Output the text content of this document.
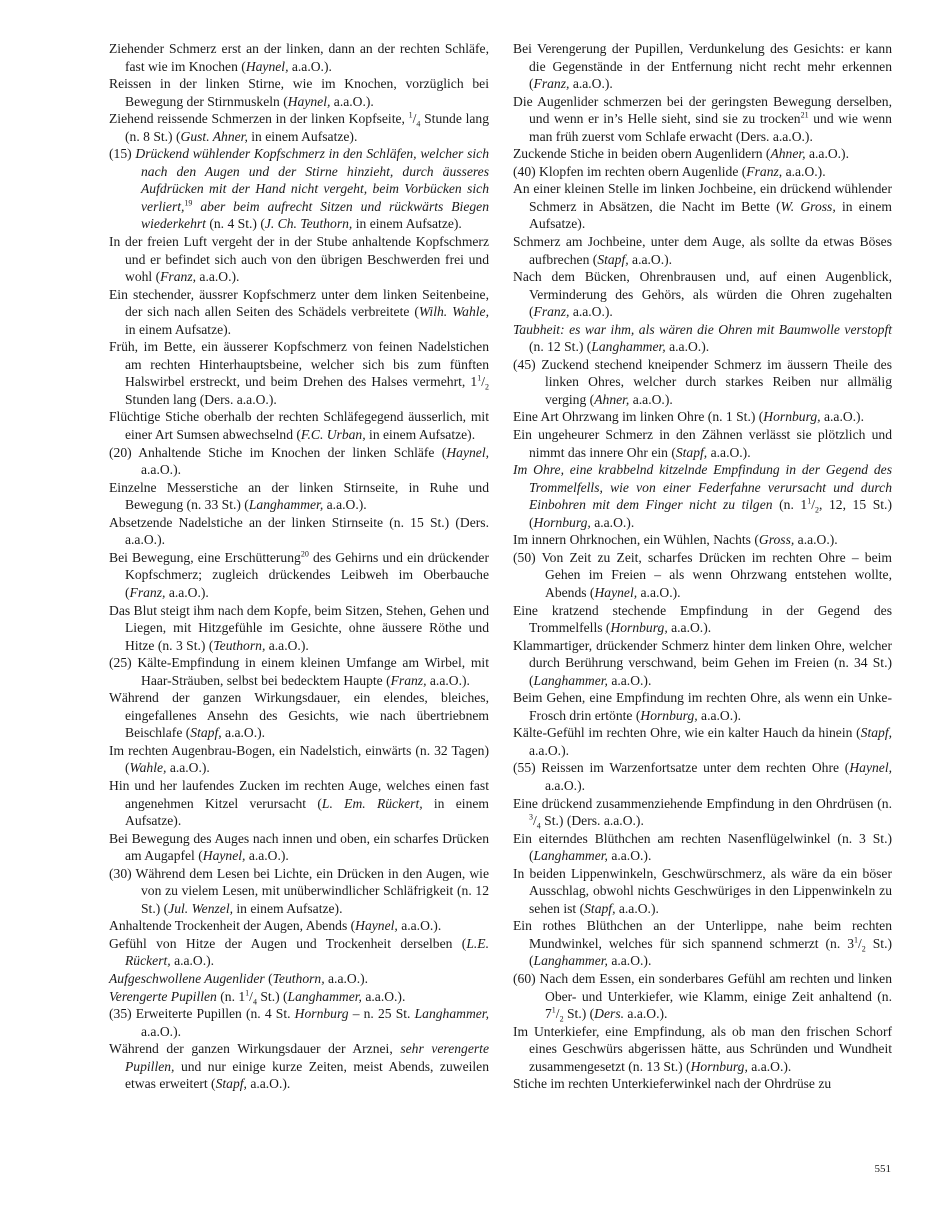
Ziehender Schmerz erst an der linken, dann an der rechten Schläfe, fast wie im Knochen (Haynel, a.a.O.).

Reissen in der linken Stirne, wie im Knochen, vorzüglich bei Bewegung der Stirnmuskeln (Haynel, a.a.O.).

Ziehend reissende Schmerzen in der linken Kopfseite, $^1/_4$ Stunde lang (n. 8 St.) (Gust. Ahner, in einem Aufsatze).

(15) Drückend wühlender Kopfschmerz in den Schläfen, welcher sich nach den Augen und der Stirne hinzieht, durch äusseres Aufdrücken mit der Hand nicht vergeht, beim Vorbücken sich verliert,$^{19}$ aber beim aufrecht Sitzen und rückwärts Biegen wiederkehrt (n. 4 St.) (J. Ch. Teuthorn, in einem Aufsatze).

In der freien Luft vergeht der in der Stube anhaltende Kopfschmerz und er befindet sich auch von den übrigen Beschwerden frei und wohl (Franz, a.a.O.).

Ein stechender, äussrer Kopfschmerz unter dem linken Seitenbeine, der sich nach allen Seiten des Schädels verbreitete (Wilh. Wahle, in einem Aufsatze).

Früh, im Bette, ein äusserer Kopfschmerz von feinen Nadelstichen am rechten Hinterhauptsbeine, welcher sich bis zum fünften Halswirbel erstreckt, und beim Drehen des Halses vermehrt, $1^1/_2$ Stunden lang (Ders. a.a.O.).

Flüchtige Stiche oberhalb der rechten Schläfegegend äusserlich, mit einer Art Sumsen abwechselnd (F.C. Urban, in einem Aufsatze).

(20) Anhaltende Stiche im Knochen der linken Schläfe (Haynel, a.a.O.).

Einzelne Messerstiche an der linken Stirnseite, in Ruhe und Bewegung (n. 33 St.) (Langhammer, a.a.O.).

Absetzende Nadelstiche an der linken Stirnseite (n. 15 St.) (Ders. a.a.O.).

Bei Bewegung, eine Erschütterung$^{20}$ des Gehirns und ein drückender Kopfschmerz; zugleich drückendes Leibweh im Oberbauche (Franz, a.a.O.).

Das Blut steigt ihm nach dem Kopfe, beim Sitzen, Stehen, Gehen und Liegen, mit Hitzgefühle im Gesichte, ohne äussere Röthe und Hitze (n. 3 St.) (Teuthorn, a.a.O.).

(25) Kälte-Empfindung in einem kleinen Umfange am Wirbel, mit Haar-Sträuben, selbst bei bedecktem Haupte (Franz, a.a.O.).

Während der ganzen Wirkungsdauer, ein elendes, bleiches, eingefallenes Ansehn des Gesichts, wie nach übertriebnem Beischlafe (Stapf, a.a.O.).

Im rechten Augenbrau-Bogen, ein Nadelstich, einwärts (n. 32 Tagen) (Wahle, a.a.O.).

Hin und her laufendes Zucken im rechten Auge, welches einen fast angenehmen Kitzel verursacht (L. Em. Rückert, in einem Aufsatze).

Bei Bewegung des Auges nach innen und oben, ein scharfes Drücken am Augapfel (Haynel, a.a.O.).

(30) Während dem Lesen bei Lichte, ein Drücken in den Augen, wie von zu vielem Lesen, mit unüberwindlicher Schläfrigkeit (n. 12 St.) (Jul. Wenzel, in einem Aufsatze).

Anhaltende Trockenheit der Augen, Abends (Haynel, a.a.O.).

Gefühl von Hitze der Augen und Trockenheit derselben (L.E. Rückert, a.a.O.).

Aufgeschwollene Augenlider (Teuthorn, a.a.O.).

Verengerte Pupillen (n. $1^1/_4$ St.) (Langhammer, a.a.O.).

(35) Erweiterte Pupillen (n. 4 St. Hornburg – n. 25 St. Langhammer, a.a.O.).

Während der ganzen Wirkungsdauer der Arznei, sehr verengerte Pupillen, und nur einige kurze Zeiten, meist Abends, zuweilen etwas erweitert (Stapf, a.a.O.).

Bei Verengerung der Pupillen, Verdunkelung des Gesichts: er kann die Gegenstände in der Entfernung nicht recht mehr erkennen (Franz, a.a.O.).

Die Augenlider schmerzen bei der geringsten Bewegung derselben, und wenn er in’s Helle sieht, sind sie zu trocken$^{21}$ und wie wenn man früh zuerst vom Schlafe erwacht (Ders. a.a.O.).

Zuckende Stiche in beiden obern Augenlidern (Ahner, a.a.O.).

(40) Klopfen im rechten obern Augenlide (Franz, a.a.O.).

An einer kleinen Stelle im linken Jochbeine, ein drückend wühlender Schmerz in Absätzen, die Nacht im Bette (W. Gross, in einem Aufsatze).

Schmerz am Jochbeine, unter dem Auge, als sollte da etwas Böses aufbrechen (Stapf, a.a.O.).

Nach dem Bücken, Ohrenbrausen und, auf einen Augenblick, Verminderung des Gehörs, als würden die Ohren zugehalten (Franz, a.a.O.).

Taubheit: es war ihm, als wären die Ohren mit Baumwolle verstopft (n. 12 St.) (Langhammer, a.a.O.).

(45) Zuckend stechend kneipender Schmerz im äussern Theile des linken Ohres, welcher durch starkes Reiben nur allmälig verging (Ahner, a.a.O.).

Eine Art Ohrzwang im linken Ohre (n. 1 St.) (Hornburg, a.a.O.).

Ein ungeheurer Schmerz in den Zähnen verlässt sie plötzlich und nimmt das innere Ohr ein (Stapf, a.a.O.).

Im Ohre, eine krabbelnd kitzelnde Empfindung in der Gegend des Trommelfells, wie von einer Federfahne verursacht und durch Einbohren mit dem Finger nicht zu tilgen (n. $1^1/_2$, 12, 15 St.) (Hornburg, a.a.O.).

Im innern Ohrknochen, ein Wühlen, Nachts (Gross, a.a.O.).

(50) Von Zeit zu Zeit, scharfes Drücken im rechten Ohre – beim Gehen im Freien – als wenn Ohrzwang entstehen wollte, Abends (Haynel, a.a.O.).

Eine kratzend stechende Empfindung in der Gegend des Trommelfells (Hornburg, a.a.O.).

Klammartiger, drückender Schmerz hinter dem linken Ohre, welcher durch Berührung verschwand, beim Gehen im Freien (n. 34 St.) (Langhammer, a.a.O.).

Beim Gehen, eine Empfindung im rechten Ohre, als wenn ein Unke-Frosch drin ertönte (Hornburg, a.a.O.).

Kälte-Gefühl im rechten Ohre, wie ein kalter Hauch da hinein (Stapf, a.a.O.).

(55) Reissen im Warzenfortsatze unter dem rechten Ohre (Haynel, a.a.O.).

Eine drückend zusammenziehende Empfindung in den Ohrdrüsen (n. $^3/_4$ St.) (Ders. a.a.O.).

Ein eiterndes Blüthchen am rechten Nasenflügelwinkel (n. 3 St.) (Langhammer, a.a.O.).

In beiden Lippenwinkeln, Geschwürschmerz, als wäre da ein böser Ausschlag, obwohl nichts Geschwüriges in den Lippenwinkeln zu sehen ist (Stapf, a.a.O.).

Ein rothes Blüthchen an der Unterlippe, nahe beim rechten Mundwinkel, welches für sich spannend schmerzt (n. $3^1/_2$ St.) (Langhammer, a.a.O.).

(60) Nach dem Essen, ein sonderbares Gefühl am rechten und linken Ober- und Unterkiefer, wie Klamm, einige Zeit anhaltend (n. $7^1/_2$ St.) (Ders. a.a.O.).

Im Unterkiefer, eine Empfindung, als ob man den frischen Schorf eines Geschwürs abgerissen hätte, aus Schründen und Wundheit zusammengesetzt (n. 13 St.) (Hornburg, a.a.O.).

Stiche im rechten Unterkieferwinkel nach der Ohrdrüse zu

551
